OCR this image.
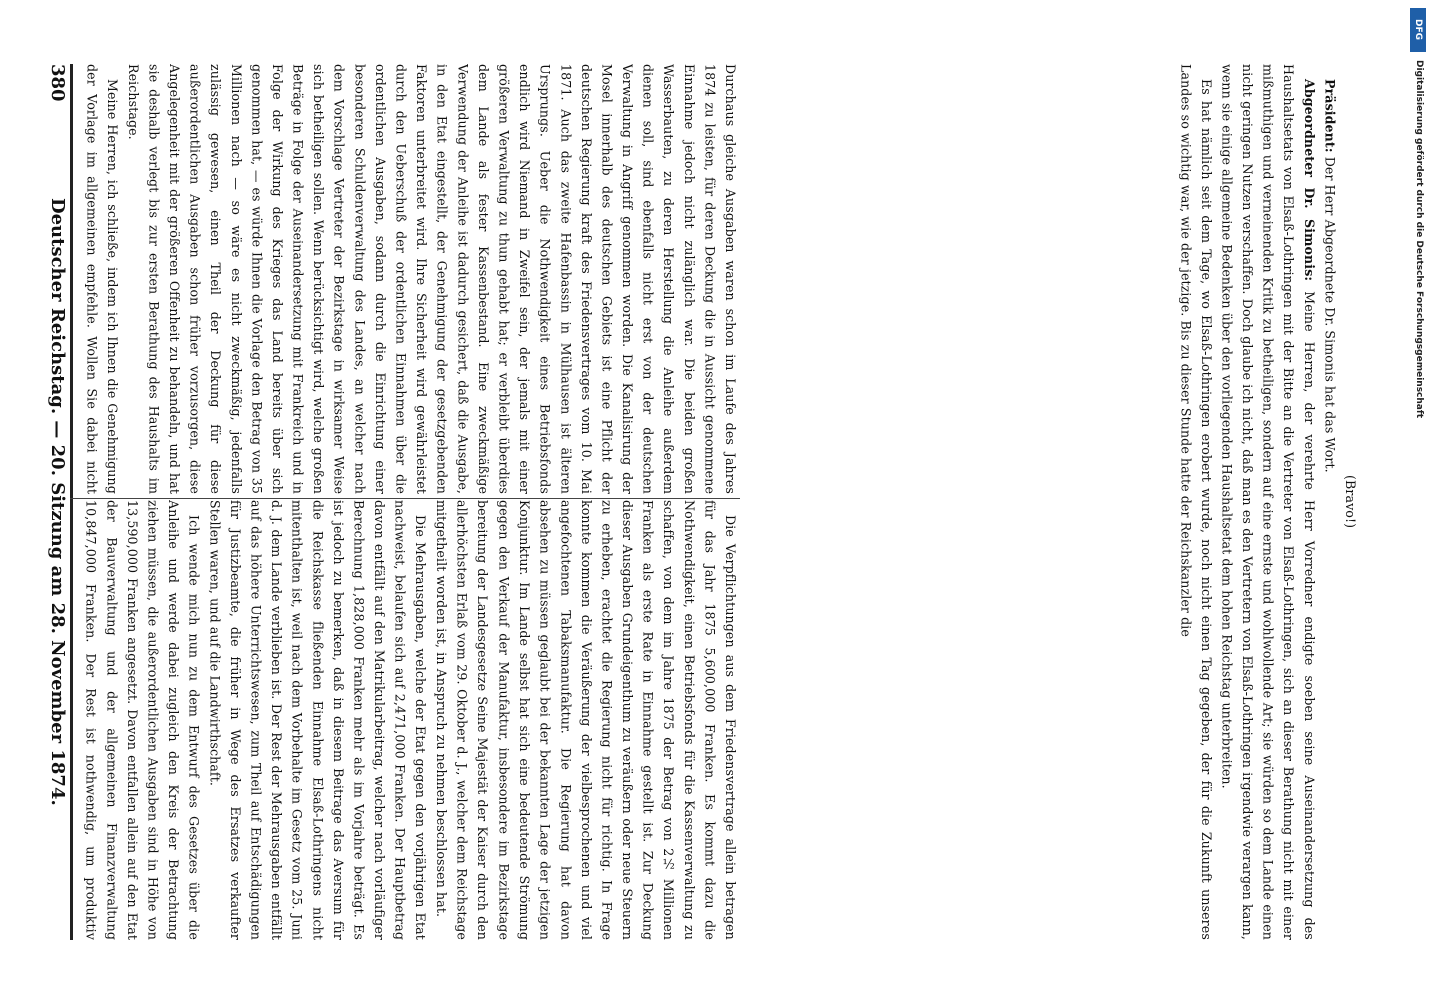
380
Deutscher Reichstag. — 20. Sitzung am 28. November 1874.	bereitung der Landesgesetze Seine Majestät der Kaiser durch den allerhöchsten Erlaß vom 29. Oktober d. J., welcher dem Reichstage mitgetheilt worden ist, in Anspruch zu nehmen beschlossen hat.

Die Mehrausgaben, welche der Etat gegen den vorjährigen Etat nachweist, belaufen sich auf 2,471,000 Franken. Der Hauptbetrag davon entfällt auf den Matrikularbeitrag, welcher nach vorläufiger Berechnung 1,828,000 Franken mehr als im Vorjahre beträgt. Es ist jedoch zu bemerken, daß in diesem Beitrage das Aversum für die Reichskasse fließenden Einnahme Elsaß-Lothringens nicht mitenthalten ist, weil nach dem Vorbehalte im Gesetz vom 25. Juni d. J. dem Lande verblieben ist. Der Rest der Mehrausgaben entfällt auf das höhere Unterrichtswesen, zum Theil auf Entschädigungen für Justizbeamte, die früher in Wege des Ersatzes verkaufter Stellen waren, und auf die Landwirthschaft.

Ich wende mich nun zu dem Entwurf des Gesetzes über die Anleihe und werde dabei zugleich den Kreis der Betrachtung ziehen müssen, die außerordentlichen Ausgaben sind in Höhe von 13,590,000 Franken angesetzt. Davon entfallen allein auf den Etat der Bauverwaltung und der allgemeinen Finanzverwaltung 10,847,000 Franken. Der Rest ist nothwendig, um produktiv

Die Verpflichtungen aus dem Friedensvertrage allein betragen für das Jahr 1875 5,600,000 Franken. Es kommt dazu die Nothwendigkeit, einen Betriebsfonds für die Kassenverwaltung zu schaffen, von dem im Jahre 1875 der Betrag von 2½ Millionen Franken als erste Rate in Einnahme gestellt ist. Zur Deckung dieser Ausgaben Grundeigenthum zu veräußern oder neue Steuern zu erheben, erachtet die Regierung nicht für richtig. In Frage konnte kommen die Veräußerung der vielbesprochenen und viel angefochtenen Tabaksmanufaktur. Die Regierung hat davon absehen zu müssen geglaubt bei der bekannten Lage der jetzigen Konjunktur. Im Lande selbst hat sich eine bedeutende Strömung gegen den Verkauf der Manufaktur, insbesondere im Bezirkstage

Durchaus gleiche Ausgaben waren schon im Laufe des Jahres 1874 zu leisten, für deren Deckung die in Aussicht genommene Einnahme jedoch nicht zulänglich war. Die beiden großen Wasserbauten, zu deren Herstellung die Anleihe außerdem dienen soll, sind ebenfalls nicht erst von der deutschen Verwaltung in Angriff genommen worden. Die Kanalisirung der Mosel innerhalb des deutschen Gebiets ist eine Pflicht der deutschen Regierung kraft des Friedensvertrages vom 10. Mai 1871. Auch das zweite Hafenbassin in Mülhausen ist älteren Ursprungs. Ueber die Nothwendigkeit eines Betriebsfonds endlich wird Niemand in Zweifel sein, der jemals mit einer größeren Verwaltung zu thun gehabt hat; er verbleibt überdies dem Lande als fester Kassenbestand. Eine zweckmäßige Verwendung der Anleihe ist dadurch gesichert, daß die Ausgabe, in den Etat eingestellt, der Genehmigung der gesetzgebenden Faktoren unterbreitet wird. Ihre Sicherheit wird gewährleistet durch den Ueberschuß der ordentlichen Einnahmen über die ordentlichen Ausgaben, sodann durch die Einrichtung einer besonderen Schuldenverwaltung des Landes, an welcher nach dem Vorschlage Vertreter der Bezirkstage in wirksamer Weise sich betheiligen sollen. Wenn berücksichtigt wird, welche großen Beträge in Folge der Auseinandersetzung mit Frankreich und in Folge der Wirkung des Krieges das Land bereits über sich genommen hat, — es würde Ihnen die Vorlage den Betrag von 35 Millionen nach — so wäre es nicht zweckmäßig, jedenfalls zulässig gewesen, einen Theil der Deckung für diese außerordentlichen Ausgaben schon früher vorzusorgen, diese Angelegenheit mit der größeren Offenheit zu behandeln, und hat sie deshalb verlegt bis zur ersten Berathung des Haushalts im Reichstage.

Meine Herren, ich schließe, indem ich Ihnen die Genehmigung der Vorlage im allgemeinen empfehle. Wollen Sie dabei nicht	(Bravo!)

Präsident: Der Herr Abgeordnete Dr. Simonis hat das Wort.

Abgeordneter Dr. Simonis: Meine Herren, der verehrte Herr Vorredner endigte soeben seine Auseinandersetzung des Haushaltsetats von Elsaß-Lothringen mit der Bitte an die Vertreter von Elsaß-Lothringen, sich an dieser Berathung nicht mit einer mißmuthigen und verneinenden Kritik zu betheiligen, sondern auf eine ernste und wohlwollende Art; sie würden so dem Lande einen nicht geringen Nutzen verschaffen. Doch glaube ich nicht, daß man es den Vertretern von Elsaß-Lothringen irgendwie verargen kann, wenn sie einige allgemeine Bedenken über den vorliegenden Haushaltsetat dem hohen Reichstag unterbreiten.

Es hat nämlich seit dem Tage, wo Elsaß-Lothringen erobert wurde, noch nicht einen Tag gegeben, der für die Zukunft unseres Landes so wichtig war, wie der jetzige. Bis zu dieser Stunde hatte der Reichskanzler die

DFG
Digitalisierung gefördert durch die Deutsche Forschungsgemeinschaft
